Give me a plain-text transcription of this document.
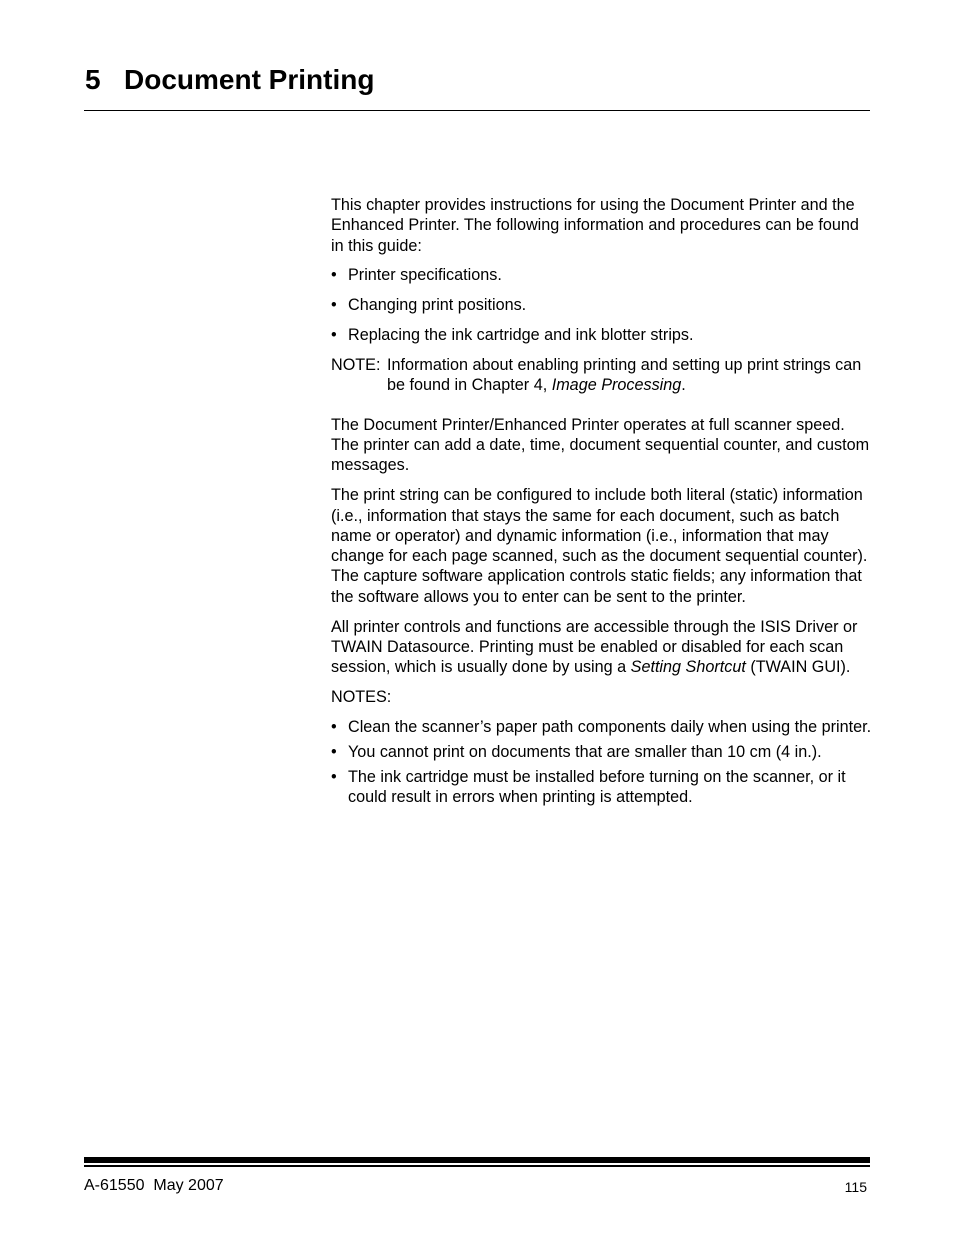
5 Document Printing

This chapter provides instructions for using the Document Printer and the Enhanced Printer. The following information and procedures can be found in this guide:

• Printer specifications.
• Changing print positions.
• Replacing the ink cartridge and ink blotter strips.
NOTE: Information about enabling printing and setting up print strings can be found in Chapter 4, Image Processing.

The Document Printer/Enhanced Printer operates at full scanner speed. The printer can add a date, time, document sequential counter, and custom messages.

The print string can be configured to include both literal (static) information (i.e., information that stays the same for each document, such as batch name or operator) and dynamic information (i.e., information that may change for each page scanned, such as the document sequential counter). The capture software application controls static fields; any information that the software allows you to enter can be sent to the printer.

All printer controls and functions are accessible through the ISIS Driver or TWAIN Datasource. Printing must be enabled or disabled for each scan session, which is usually done by using a Setting Shortcut (TWAIN GUI).

NOTES:

• Clean the scanner’s paper path components daily when using the printer.
• You cannot print on documents that are smaller than 10 cm (4 in.).
• The ink cartridge must be installed before turning on the scanner, or it could result in errors when printing is attempted.
A-61550  May 2007	115
